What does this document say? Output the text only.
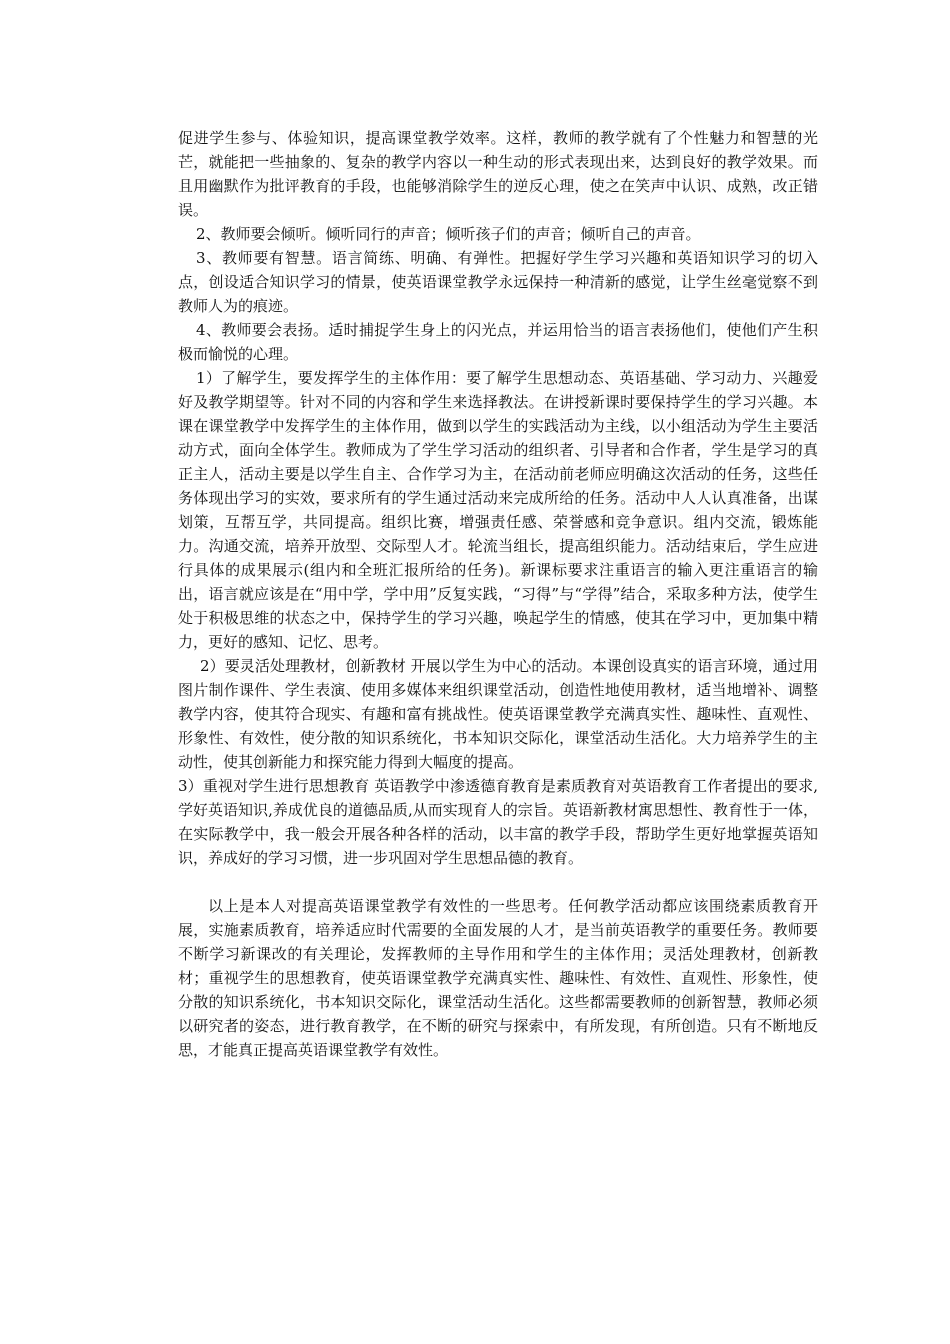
促进学生参与、体验知识，提高课堂教学效率。这样，教师的教学就有了个性魅力和智慧的光芒，就能把一些抽象的、复杂的教学内容以一种生动的形式表现出来，达到良好的教学效果。而且用幽默作为批评教育的手段，也能够消除学生的逆反心理，使之在笑声中认识、成熟，改正错误。

2、教师要会倾听。倾听同行的声音；倾听孩子们的声音；倾听自己的声音。

3、教师要有智慧。语言简练、明确、有弹性。把握好学生学习兴趣和英语知识学习的切入点，创设适合知识学习的情景，使英语课堂教学永远保持一种清新的感觉，让学生丝毫觉察不到教师人为的痕迹。

4、教师要会表扬。适时捕捉学生身上的闪光点，并运用恰当的语言表扬他们，使他们产生积极而愉悦的心理。

1）了解学生，要发挥学生的主体作用：要了解学生思想动态、英语基础、学习动力、兴趣爱好及教学期望等。针对不同的内容和学生来选择教法。在讲授新课时要保持学生的学习兴趣。本课在课堂教学中发挥学生的主体作用，做到以学生的实践活动为主线，以小组活动为学生主要活动方式，面向全体学生。教师成为了学生学习活动的组织者、引导者和合作者，学生是学习的真正主人，活动主要是以学生自主、合作学习为主，在活动前老师应明确这次活动的任务，这些任务体现出学习的实效，要求所有的学生通过活动来完成所给的任务。活动中人人认真准备，出谋划策，互帮互学，共同提高。组织比赛，增强责任感、荣誉感和竞争意识。组内交流，锻炼能力。沟通交流，培养开放型、交际型人才。轮流当组长，提高组织能力。活动结束后，学生应进行具体的成果展示(组内和全班汇报所给的任务)。新课标要求注重语言的输入更注重语言的输出，语言就应该是在“用中学，学中用”反复实践，“习得”与“学得”结合，采取多种方法，使学生处于积极思维的状态之中，保持学生的学习兴趣，唤起学生的情感，使其在学习中，更加集中精力，更好的感知、记忆、思考。

2）要灵活处理教材，创新教材 开展以学生为中心的活动。本课创设真实的语言环境，通过用图片制作课件、学生表演、使用多媒体来组织课堂活动，创造性地使用教材，适当地增补、调整教学内容，使其符合现实、有趣和富有挑战性。使英语课堂教学充满真实性、趣味性、直观性、形象性、有效性，使分散的知识系统化，书本知识交际化，课堂活动生活化。大力培养学生的主动性，使其创新能力和探究能力得到大幅度的提高。

3）重视对学生进行思想教育 英语教学中渗透德育教育是素质教育对英语教育工作者提出的要求,学好英语知识,养成优良的道德品质,从而实现育人的宗旨。英语新教材寓思想性、教育性于一体，在实际教学中，我一般会开展各种各样的活动，以丰富的教学手段，帮助学生更好地掌握英语知识，养成好的学习习惯，进一步巩固对学生思想品德的教育。

以上是本人对提高英语课堂教学有效性的一些思考。任何教学活动都应该围绕素质教育开展，实施素质教育，培养适应时代需要的全面发展的人才，是当前英语教学的重要任务。教师要不断学习新课改的有关理论，发挥教师的主导作用和学生的主体作用；灵活处理教材，创新教材；重视学生的思想教育，使英语课堂教学充满真实性、趣味性、有效性、直观性、形象性，使分散的知识系统化，书本知识交际化，课堂活动生活化。这些都需要教师的创新智慧，教师必须以研究者的姿态，进行教育教学，在不断的研究与探索中，有所发现，有所创造。只有不断地反思，才能真正提高英语课堂教学有效性。
